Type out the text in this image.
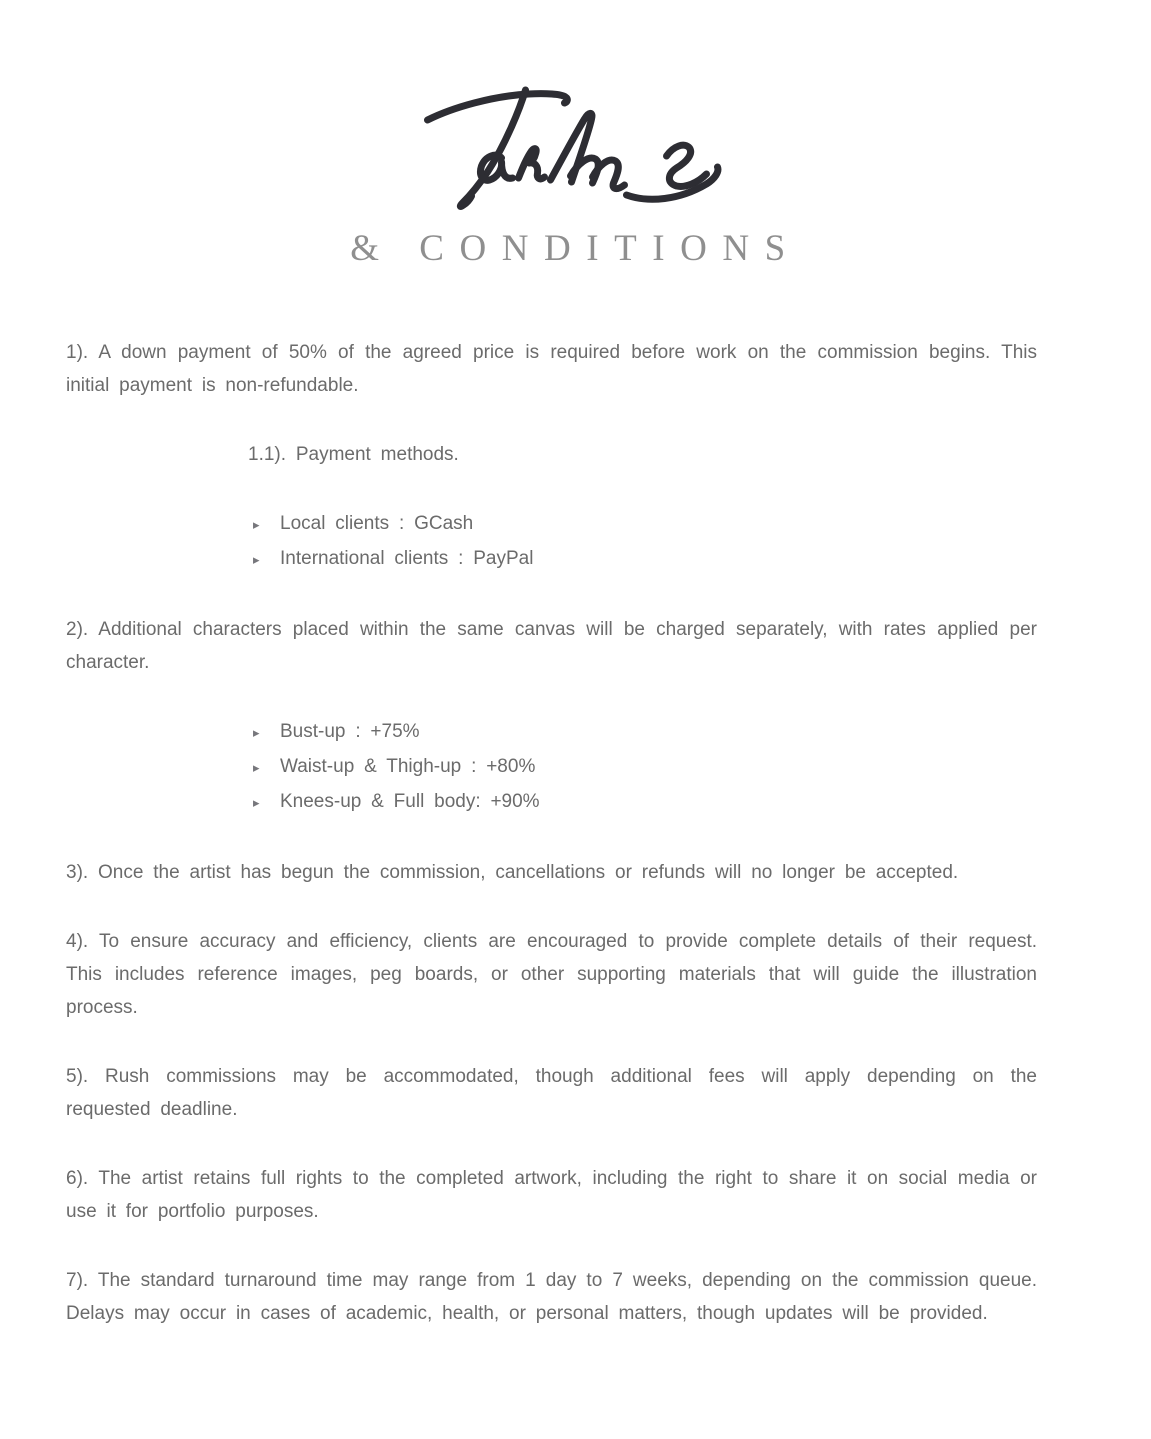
& CONDITIONS

1). A down payment of 50% of the agreed price is required before work on the commission begins. This initial payment is non-refundable.

1.1). Payment methods.
▸	Local clients : GCash
▸	International clients : PayPal

2). Additional characters placed within the same canvas will be charged separately, with rates applied per character.

▸	Bust-up : +75%
▸	Waist-up & Thigh-up : +80%
▸	Knees-up & Full body: +90%

3). Once the artist has begun the commission, cancellations or refunds will no longer be accepted.

4). To ensure accuracy and efficiency, clients are encouraged to provide complete details of their request. This includes reference images, peg boards, or other supporting materials that will guide the illustration process.

5). Rush commissions may be accommodated, though additional fees will apply depending on the requested deadline.

6). The artist retains full rights to the completed artwork, including the right to share it on social media or use it for portfolio purposes.

7). The standard turnaround time may range from 1 day to 7 weeks, depending on the commission queue. Delays may occur in cases of academic, health, or personal matters, though updates will be provided.
